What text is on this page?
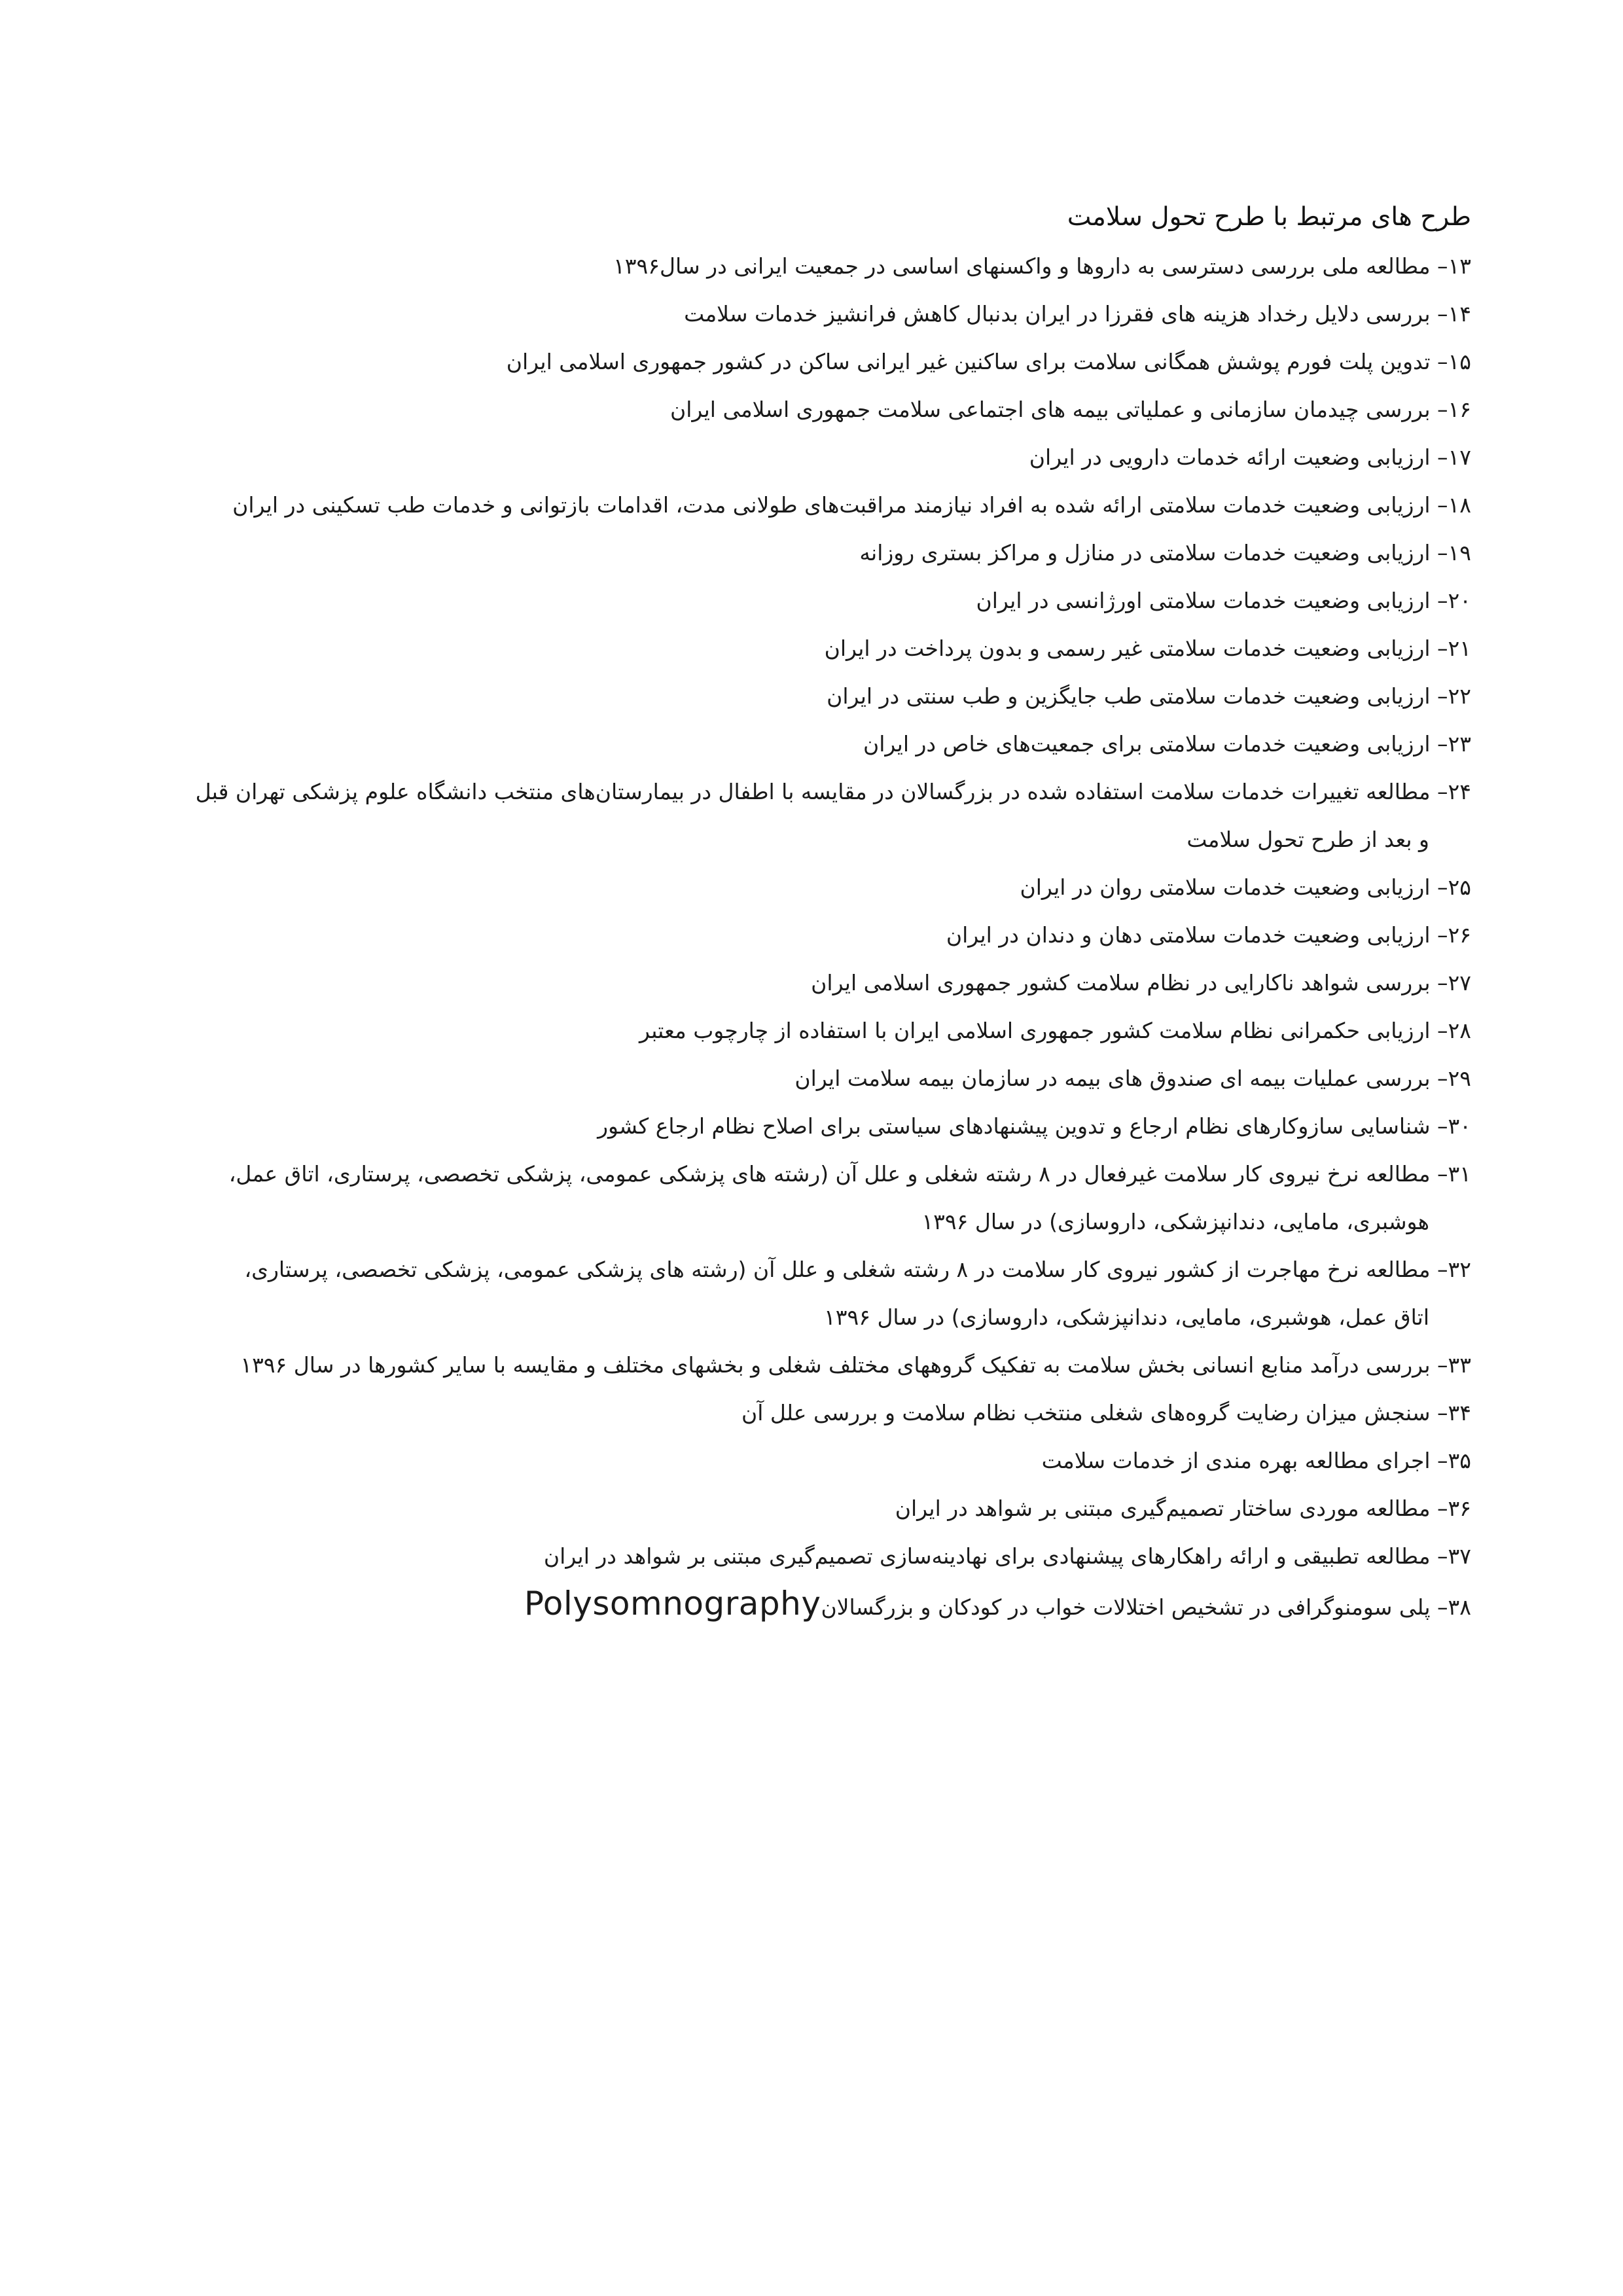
طرح های مرتبط با طرح تحول سلامت
۱۳– مطالعه ملی بررسی دسترسی به داروها و واکسنهای اساسی در جمعیت ایرانی در سال۱۳۹۶
۱۴– بررسی دلایل رخداد هزینه های فقرزا در ایران بدنبال کاهش فرانشیز خدمات سلامت
۱۵– تدوین پلت فورم پوشش همگانی سلامت برای ساکنین غیر ایرانی ساکن در کشور جمهوری اسلامی ایران
۱۶– بررسی چیدمان سازمانی و عملیاتی بیمه های اجتماعی سلامت جمهوری اسلامی ایران
۱۷– ارزیابی وضعیت ارائه خدمات دارویی در ایران
۱۸– ارزیابی وضعیت خدمات سلامتی ارائه شده به افراد نیازمند مراقبت‌های طولانی مدت، اقدامات بازتوانی و خدمات طب تسکینی در ایران
۱۹– ارزیابی وضعیت خدمات سلامتی در منازل و مراکز بستری روزانه
۲۰– ارزیابی وضعیت خدمات سلامتی اورژانسی در ایران
۲۱– ارزیابی وضعیت خدمات سلامتی غیر رسمی و بدون پرداخت در ایران
۲۲– ارزیابی وضعیت خدمات سلامتی طب جایگزین و طب سنتی در ایران
۲۳– ارزیابی وضعیت خدمات سلامتی برای جمعیت‌های خاص در ایران
۲۴– مطالعه تغییرات خدمات سلامت استفاده شده در بزرگسالان در مقایسه با اطفال در بیمارستان‌های منتخب دانشگاه علوم پزشکی تهران قبل
و بعد از طرح تحول سلامت
۲۵– ارزیابی وضعیت خدمات سلامتی روان در ایران
۲۶– ارزیابی وضعیت خدمات سلامتی دهان و دندان در ایران
۲۷– بررسی شواهد ناکارایی در نظام سلامت کشور جمهوری اسلامی ایران
۲۸– ارزیابی حکمرانی نظام سلامت کشور جمهوری اسلامی ایران با استفاده از چارچوب معتبر
۲۹– بررسی عملیات بیمه ای صندوق های بیمه در سازمان بیمه سلامت ایران
۳۰– شناسایی سازوکارهای نظام ارجاع و تدوین پیشنهادهای سیاستی برای اصلاح نظام ارجاع کشور
۳۱– مطالعه نرخ نیروی کار سلامت غیرفعال در ۸ رشته شغلی و علل آن (رشته های پزشکی عمومی، پزشکی تخصصی، پرستاری، اتاق عمل،
هوشبری، مامایی، دندانپزشکی، داروسازی) در سال ۱۳۹۶
۳۲– مطالعه نرخ مهاجرت از کشور نیروی کار سلامت در ۸ رشته شغلی و علل آن (رشته های پزشکی عمومی، پزشکی تخصصی، پرستاری،
اتاق عمل، هوشبری، مامایی، دندانپزشکی، داروسازی) در سال ۱۳۹۶
۳۳– بررسی درآمد منابع انسانی بخش سلامت به تفکیک گروههای مختلف شغلی و بخشهای مختلف و مقایسه با سایر کشورها در سال ۱۳۹۶
۳۴– سنجش میزان رضایت گروه‌های شغلی منتخب نظام سلامت و بررسی علل آن
۳۵– اجرای مطالعه بهره مندی از خدمات سلامت
۳۶– مطالعه موردی ساختار تصمیم‌گیری مبتنی بر شواهد در ایران
۳۷– مطالعه تطبیقی و ارائه راهکارهای پیشنهادی برای نهادینه‌سازی تصمیم‌گیری مبتنی بر شواهد در ایران
۳۸– پلی سومنوگرافی در تشخیص اختلالات خواب در کودکان و بزرگسالانPolysomnography
